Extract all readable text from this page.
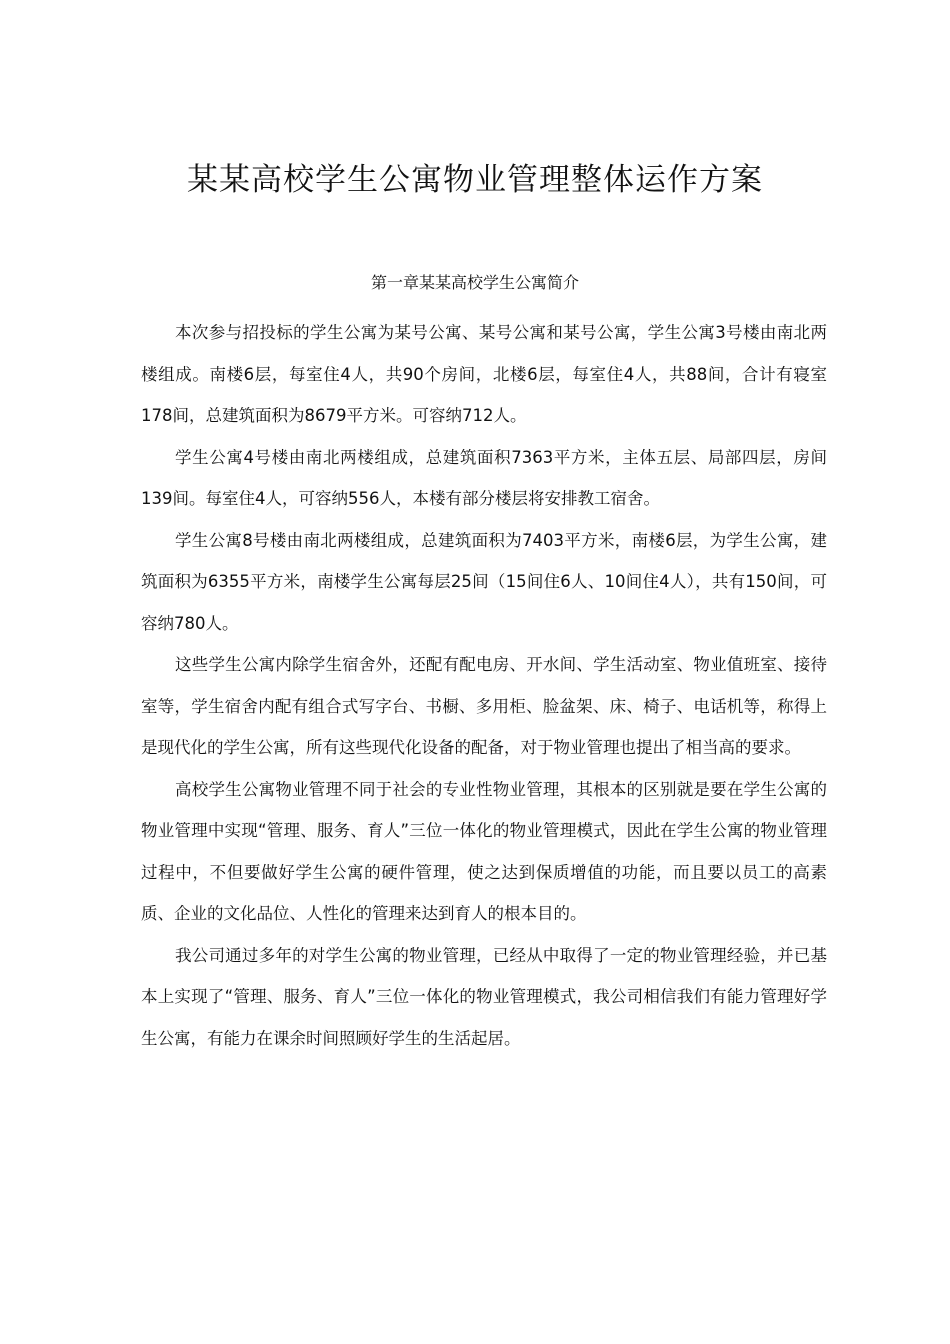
某某高校学生公寓物业管理整体运作方案
第一章某某高校学生公寓简介

本次参与招投标的学生公寓为某号公寓、某号公寓和某号公寓，学生公寓3号楼由南北两楼组成。南楼6层，每室住4人，共90个房间，北楼6层，每室住4人，共88间，合计有寝室178间，总建筑面积为8679平方米。可容纳712人。

学生公寓4号楼由南北两楼组成，总建筑面积7363平方米，主体五层、局部四层，房间139间。每室住4人，可容纳556人，本楼有部分楼层将安排教工宿舍。

学生公寓8号楼由南北两楼组成，总建筑面积为7403平方米，南楼6层，为学生公寓，建筑面积为6355平方米，南楼学生公寓每层25间（15间住6人、10间住4人），共有150间，可容纳780人。

这些学生公寓内除学生宿舍外，还配有配电房、开水间、学生活动室、物业值班室、接待室等，学生宿舍内配有组合式写字台、书橱、多用柜、脸盆架、床、椅子、电话机等，称得上是现代化的学生公寓，所有这些现代化设备的配备，对于物业管理也提出了相当高的要求。

高校学生公寓物业管理不同于社会的专业性物业管理，其根本的区别就是要在学生公寓的物业管理中实现“管理、服务、育人”三位一体化的物业管理模式，因此在学生公寓的物业管理过程中，不但要做好学生公寓的硬件管理，使之达到保质增值的功能，而且要以员工的高素质、企业的文化品位、人性化的管理来达到育人的根本目的。

我公司通过多年的对学生公寓的物业管理，已经从中取得了一定的物业管理经验，并已基本上实现了“管理、服务、育人”三位一体化的物业管理模式，我公司相信我们有能力管理好学生公寓，有能力在课余时间照顾好学生的生活起居。
